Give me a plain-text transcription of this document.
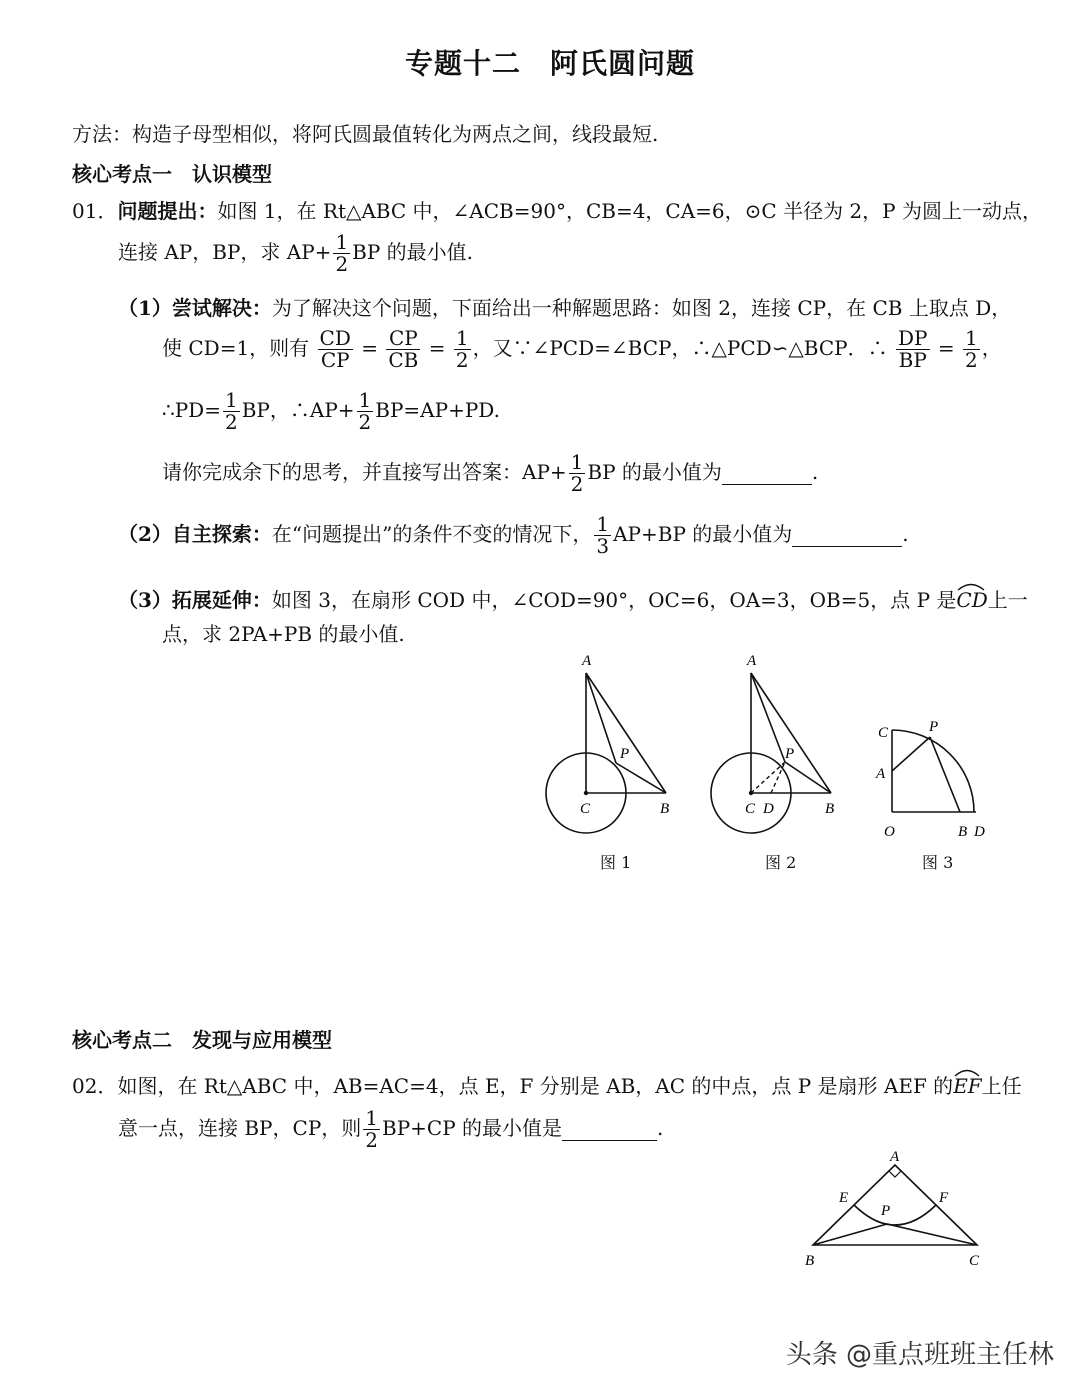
专题十二　阿氏圆问题
方法：构造子母型相似，将阿氏圆最值转化为两点之间，线段最短.
核心考点一　认识模型
01．问题提出：如图 1，在 Rt△ABC 中，∠ACB=90°，CB=4，CA=6，⊙C 半径为 2，P 为圆上一动点，
连接 AP，BP，求 $AP+ \frac{1}{2}$ BP 的最小值.
（1）尝试解决：为了解决这个问题，下面给出一种解题思路：如图 2，连接 CP，在 CB 上取点 D，
使 CD=1，则有 $\frac{CD}{CP} = \frac{CP}{CB} = \frac{1}{2}$ ，又∵∠PCD=∠BCP，∴△PCD∽△BCP．∴ $\frac{DP}{BP} = \frac{1}{2}$ ，
∴PD= $\frac{1}{2}$ BP，∴AP+ $\frac{1}{2} BP=AP+PD$.
请你完成余下的思考，并直接写出答案：$AP+ \frac{1}{2}$ BP 的最小值为	.
（2）自主探索：在“问题提出”的条件不变的情况下， $\frac{1}{3} AP+BP$ 的最小值为	.
（3）拓展延伸：如图 3，在扇形 COD 中，∠COD=90°，OC=6，OA=3，OB=5，点 P 是
CD上一
点，求 2PA+PB 的最小值.
A
P
C	B
图 1
A
P
C D	B
图 2
C	P
A
O	B D
图 3
核心考点二　发现与应用模型
02．如图，在 Rt△ABC 中，AB=AC=4，点 E，F 分别是 AB，AC 的中点，点 P 是扇形 AEF 的
EF上任
意一点，连接 BP，CP，则 $\frac{1}{2} BP+CP$ 的最小值是	.
A
E	F
P
B	C
头条 @重点班班主任林
